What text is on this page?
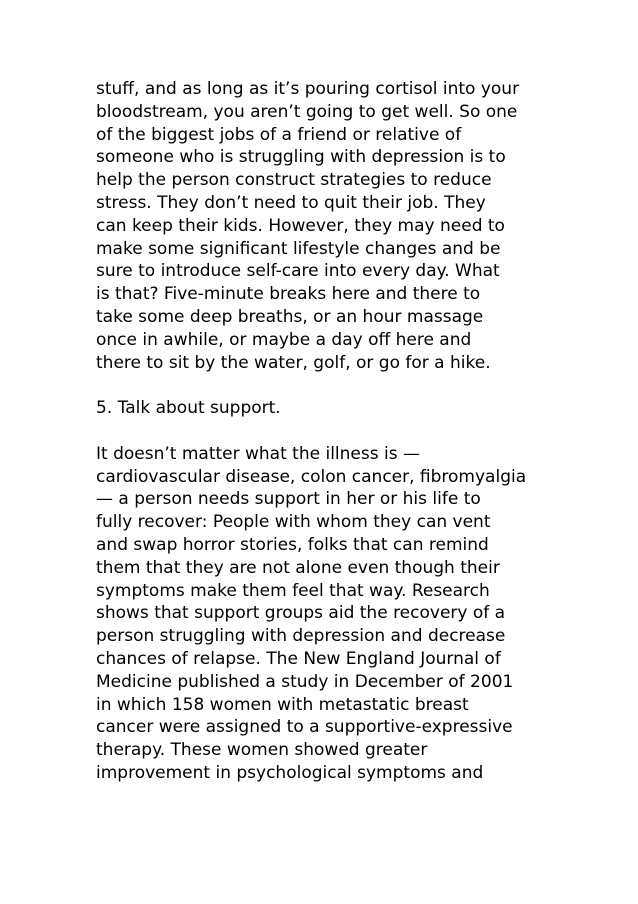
stuff, and as long as it’s pouring cortisol into your
bloodstream, you aren’t going to get well. So one
of the biggest jobs of a friend or relative of
someone who is struggling with depression is to
help the person construct strategies to reduce
stress. They don’t need to quit their job. They
can keep their kids. However, they may need to
make some significant lifestyle changes and be
sure to introduce self-care into every day. What
is that? Five-minute breaks here and there to
take some deep breaths, or an hour massage
once in awhile, or maybe a day off here and
there to sit by the water, golf, or go for a hike.
5. Talk about support.
It doesn’t matter what the illness is —
cardiovascular disease, colon cancer, fibromyalgia
— a person needs support in her or his life to
fully recover: People with whom they can vent
and swap horror stories, folks that can remind
them that they are not alone even though their
symptoms make them feel that way. Research
shows that support groups aid the recovery of a
person struggling with depression and decrease
chances of relapse. The New England Journal of
Medicine published a study in December of 2001
in which 158 women with metastatic breast
cancer were assigned to a supportive-expressive
therapy. These women showed greater
improvement in psychological symptoms and
